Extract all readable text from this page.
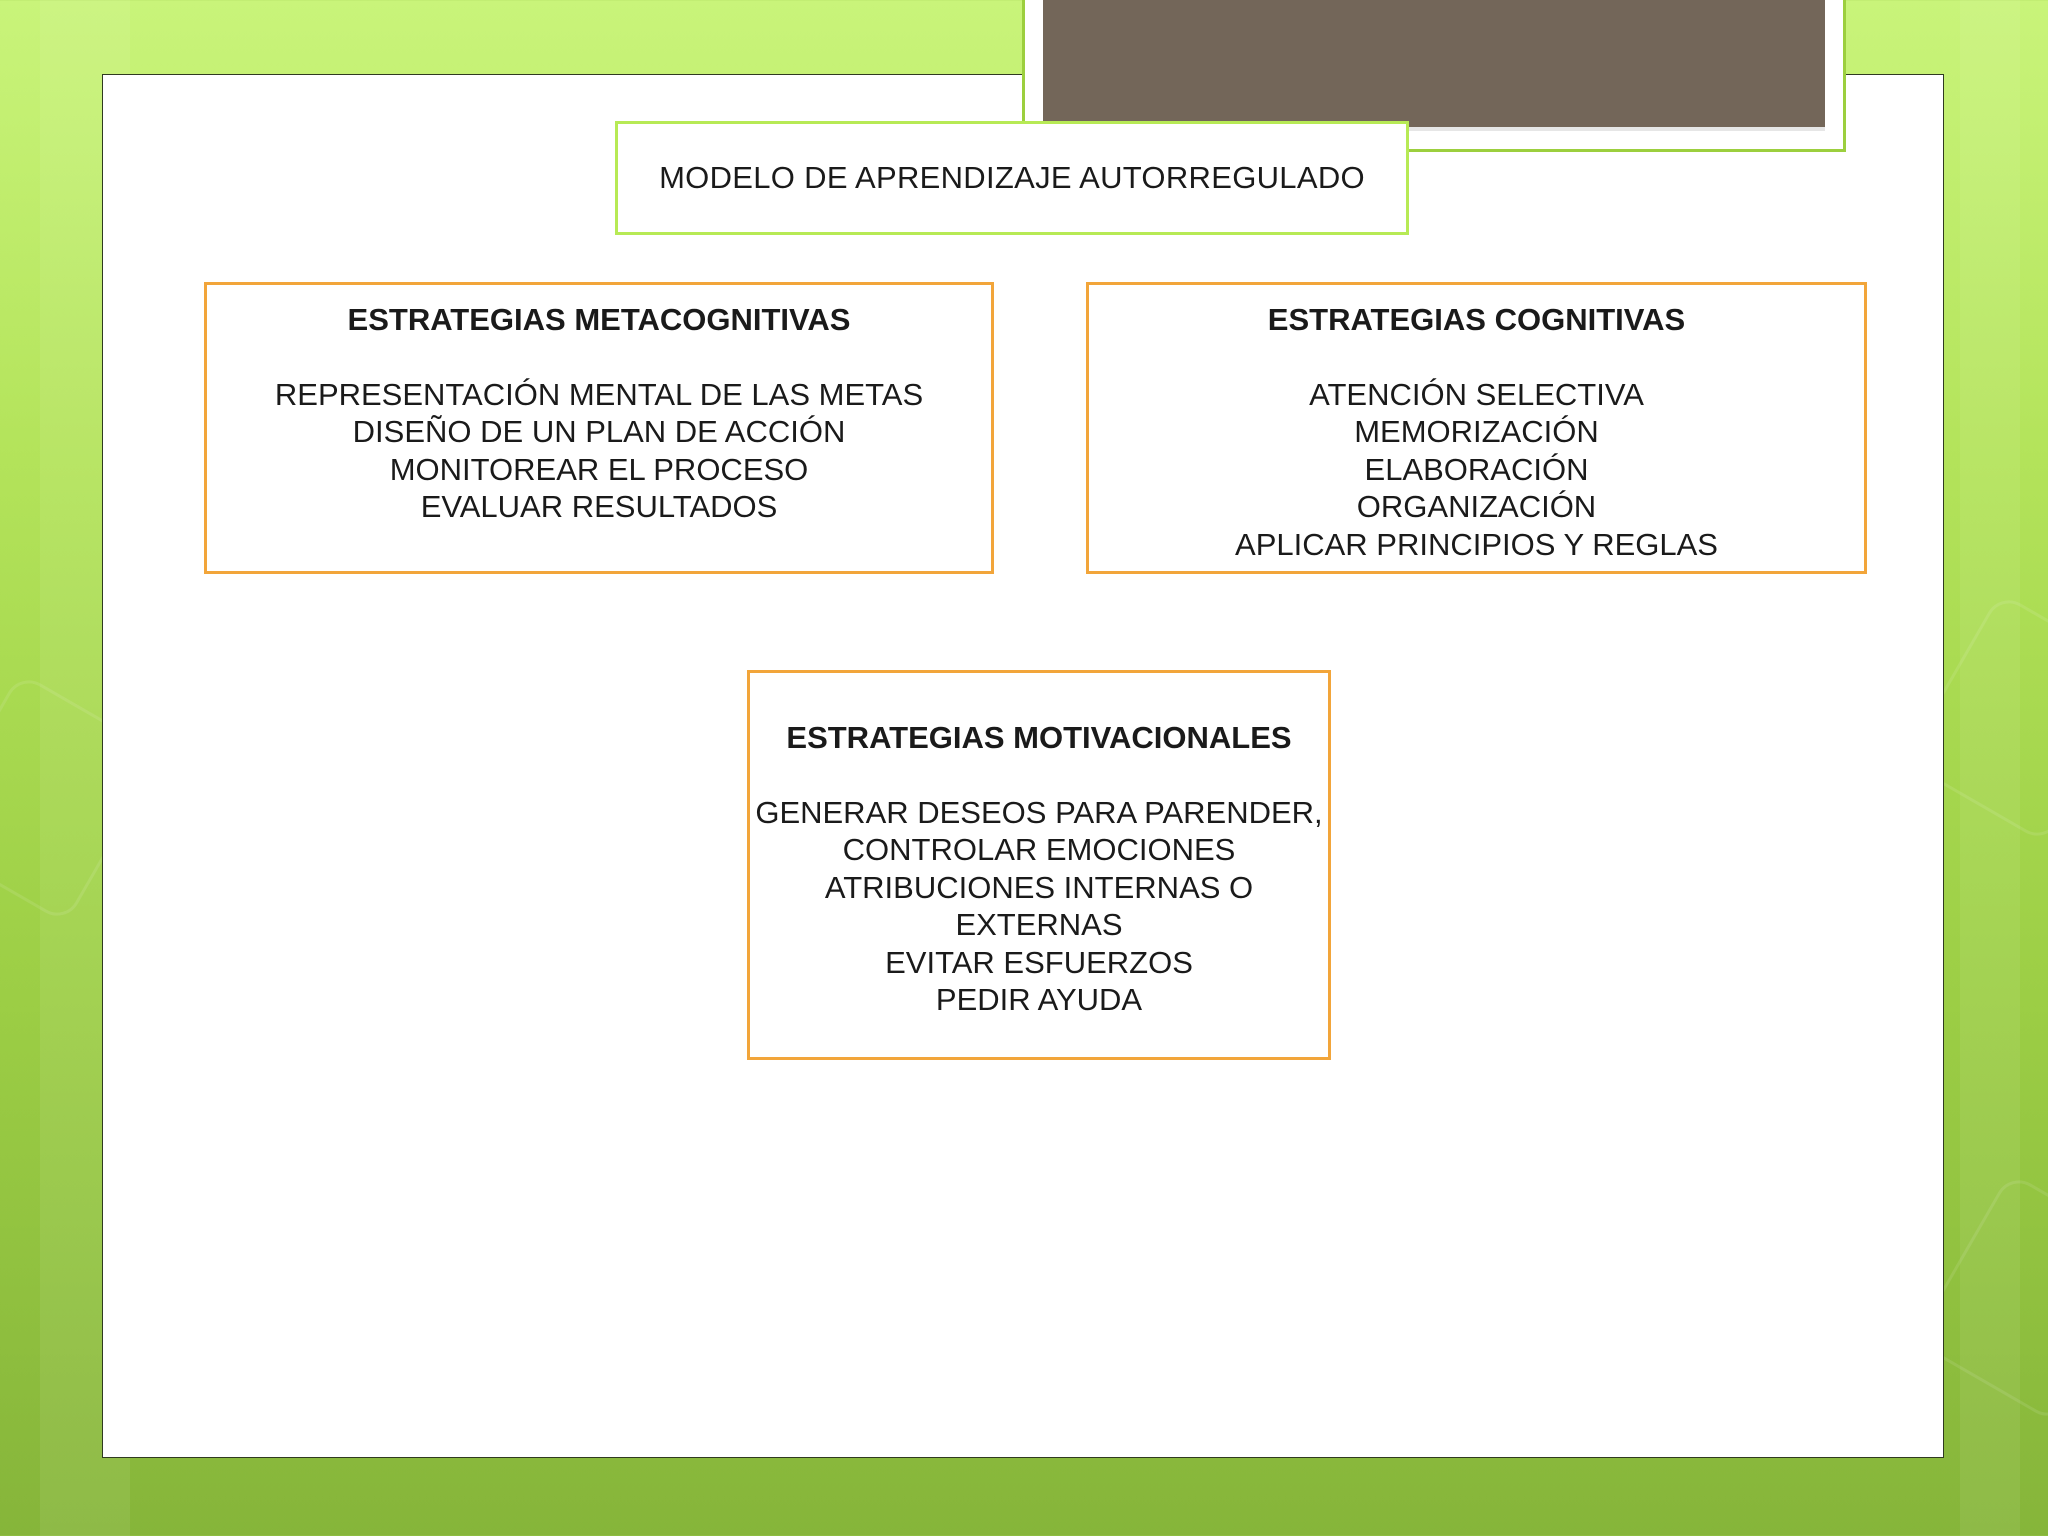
MODELO DE APRENDIZAJE AUTORREGULADO
ESTRATEGIAS METACOGNITIVAS
REPRESENTACIÓN MENTAL DE LAS METAS
DISEÑO DE UN PLAN DE ACCIÓN
MONITOREAR EL PROCESO
EVALUAR RESULTADOS
ESTRATEGIAS COGNITIVAS
ATENCIÓN SELECTIVA
MEMORIZACIÓN
ELABORACIÓN
ORGANIZACIÓN
APLICAR PRINCIPIOS Y REGLAS
ESTRATEGIAS MOTIVACIONALES
GENERAR DESEOS PARA PARENDER,
CONTROLAR EMOCIONES
ATRIBUCIONES INTERNAS O
EXTERNAS
EVITAR ESFUERZOS
PEDIR AYUDA
